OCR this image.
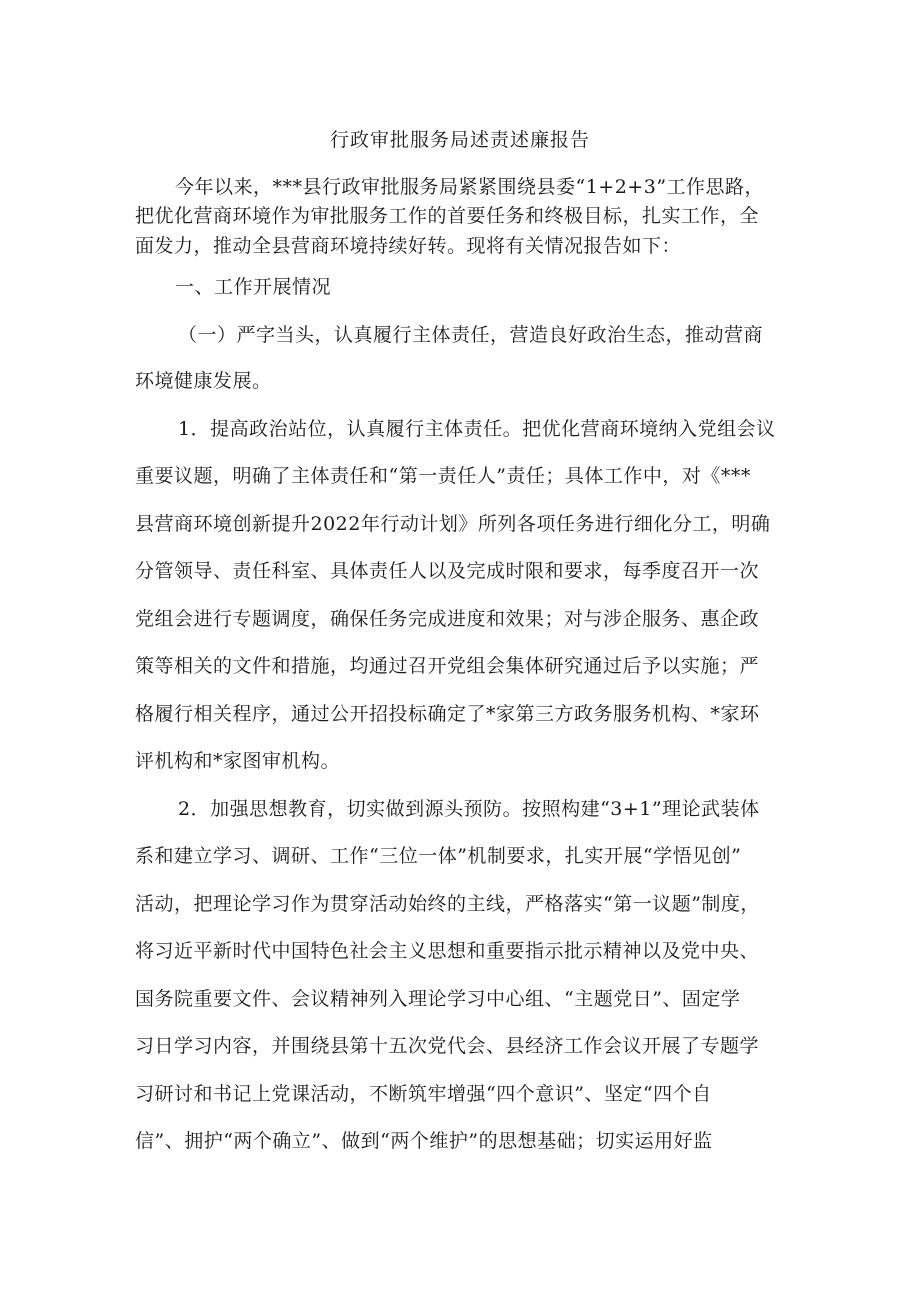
行政审批服务局述责述廉报告
今年以来，***县行政审批服务局紧紧围绕县委“1+2+3”工作思路，
把优化营商环境作为审批服务工作的首要任务和终极目标，扎实工作，全
面发力，推动全县营商环境持续好转。现将有关情况报告如下：
一、工作开展情况
（一）严字当头，认真履行主体责任，营造良好政治生态，推动营商
环境健康发展。
1．提高政治站位，认真履行主体责任。把优化营商环境纳入党组会议
重要议题，明确了主体责任和“第一责任人”责任；具体工作中，对《***
县营商环境创新提升2022年行动计划》所列各项任务进行细化分工，明确
分管领导、责任科室、具体责任人以及完成时限和要求，每季度召开一次
党组会进行专题调度，确保任务完成进度和效果；对与涉企服务、惠企政
策等相关的文件和措施，均通过召开党组会集体研究通过后予以实施；严
格履行相关程序，通过公开招投标确定了*家第三方政务服务机构、*家环
评机构和*家图审机构。
2．加强思想教育，切实做到源头预防。按照构建“3+1”理论武装体
系和建立学习、调研、工作“三位一体”机制要求，扎实开展“学悟见创”
活动，把理论学习作为贯穿活动始终的主线，严格落实“第一议题”制度，
将习近平新时代中国特色社会主义思想和重要指示批示精神以及党中央、
国务院重要文件、会议精神列入理论学习中心组、“主题党日”、固定学
习日学习内容，并围绕县第十五次党代会、县经济工作会议开展了专题学
习研讨和书记上党课活动，不断筑牢增强“四个意识”、坚定“四个自
信”、拥护“两个确立”、做到“两个维护”的思想基础；切实运用好监
